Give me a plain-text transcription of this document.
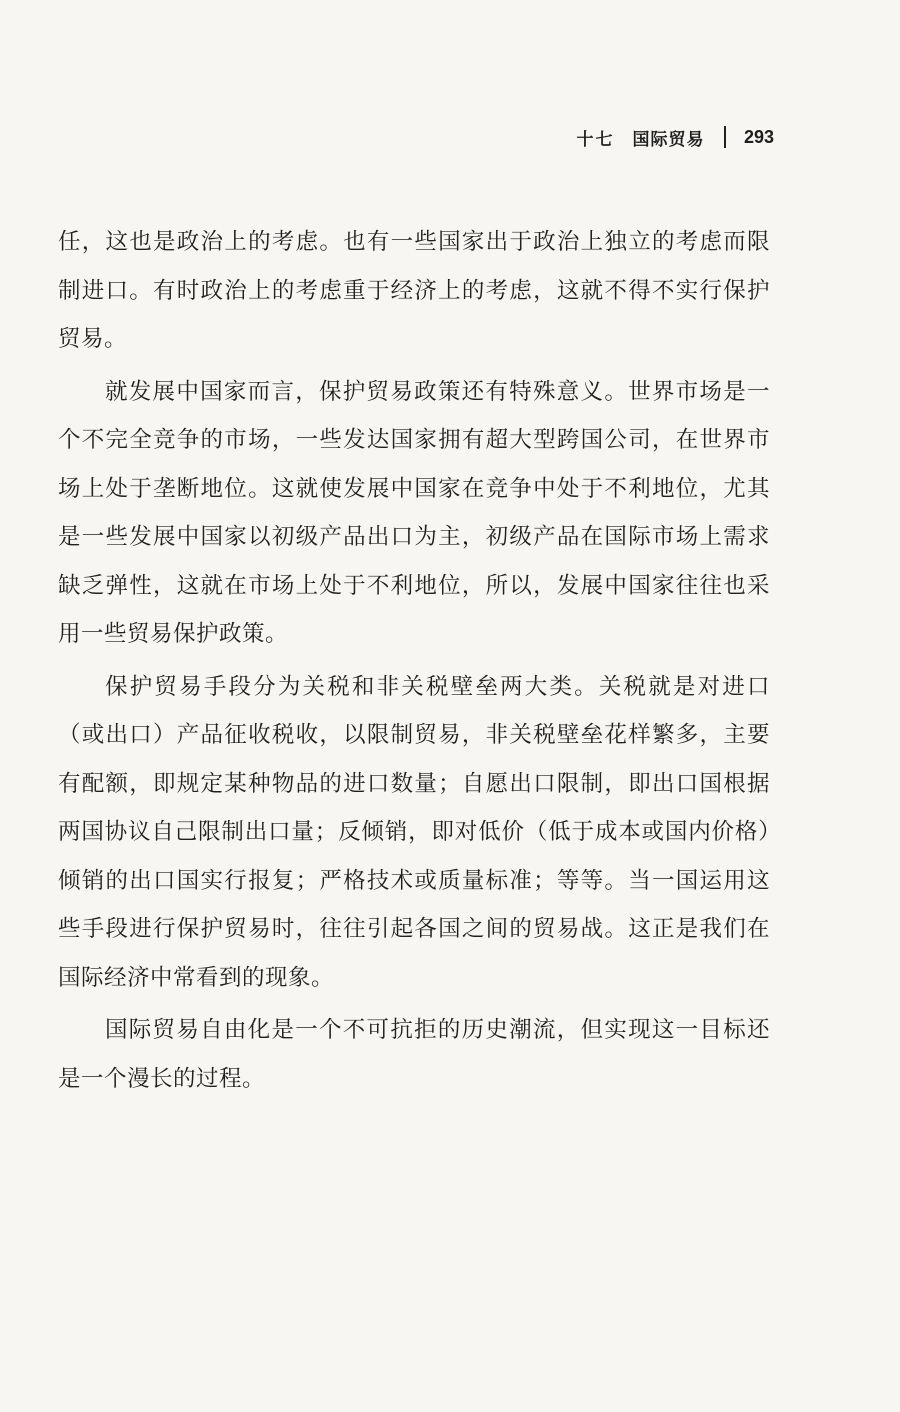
十七 国际贸易 293

任，这也是政治上的考虑。也有一些国家出于政治上独立的考虑而限制进口。有时政治上的考虑重于经济上的考虑，这就不得不实行保护贸易。

就发展中国家而言，保护贸易政策还有特殊意义。世界市场是一个不完全竞争的市场，一些发达国家拥有超大型跨国公司，在世界市场上处于垄断地位。这就使发展中国家在竞争中处于不利地位，尤其是一些发展中国家以初级产品出口为主，初级产品在国际市场上需求缺乏弹性，这就在市场上处于不利地位，所以，发展中国家往往也采用一些贸易保护政策。

保护贸易手段分为关税和非关税壁垒两大类。关税就是对进口（或出口）产品征收税收，以限制贸易，非关税壁垒花样繁多，主要有配额，即规定某种物品的进口数量；自愿出口限制，即出口国根据两国协议自己限制出口量；反倾销，即对低价（低于成本或国内价格）倾销的出口国实行报复；严格技术或质量标准；等等。当一国运用这些手段进行保护贸易时，往往引起各国之间的贸易战。这正是我们在国际经济中常看到的现象。

国际贸易自由化是一个不可抗拒的历史潮流，但实现这一目标还是一个漫长的过程。
